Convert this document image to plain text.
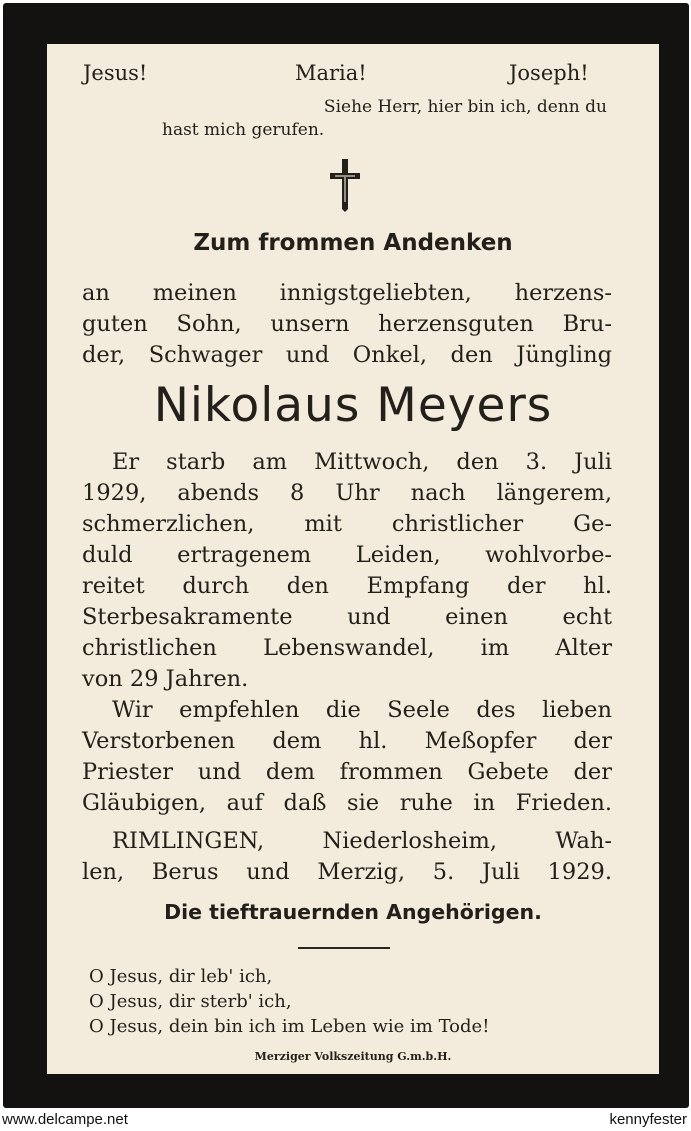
Jesus!	Maria!	Joseph!
Siehe Herr, hier bin ich, denn du
hast mich gerufen.
Zum frommen Andenken
an meinen innigstgeliebten, herzens-
guten Sohn, unsern herzensguten Bru-
der, Schwager und Onkel, den Jüngling
Nikolaus Meyers
Er starb am Mittwoch, den 3. Juli
1929, abends 8 Uhr nach längerem,
schmerzlichen, mit christlicher Ge-
duld ertragenem Leiden, wohlvorbe-
reitet durch den Empfang der hl.
Sterbesakramente und einen echt
christlichen Lebenswandel, im Alter
von 29 Jahren.
Wir empfehlen die Seele des lieben
Verstorbenen dem hl. Meßopfer der
Priester und dem frommen Gebete der
Gläubigen, auf daß sie ruhe in Frieden.
RIMLINGEN, Niederlosheim, Wah-
len, Berus und Merzig, 5. Juli 1929.
Die tieftrauernden Angehörigen.
O Jesus, dir leb' ich,
O Jesus, dir sterb' ich,
O Jesus, dein bin ich im Leben wie im Tode!
Merziger Volkszeitung G.m.b.H.
www.delcampe.net	kennyfester
